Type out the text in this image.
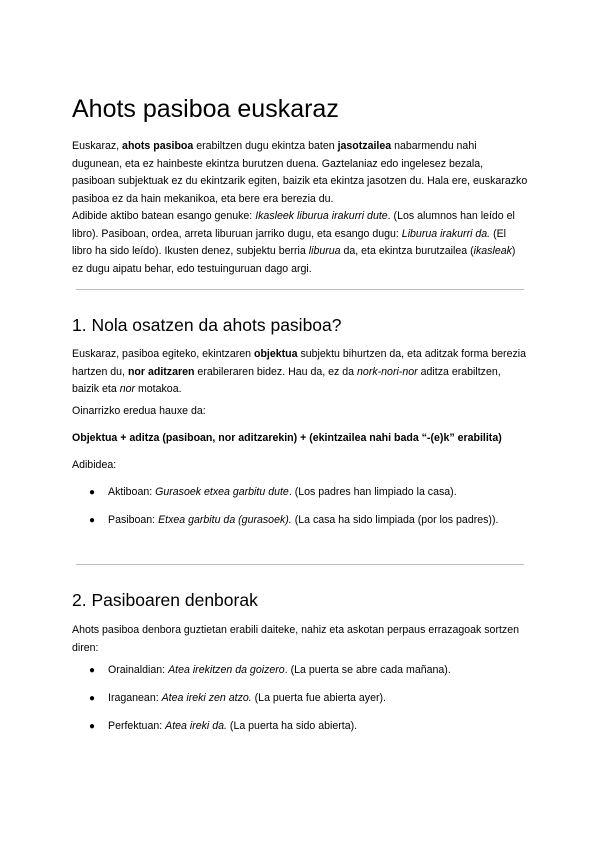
Ahots pasiboa euskaraz

Euskaraz, ahots pasiboa erabiltzen dugu ekintza baten jasotzailea nabarmendu nahi dugunean, eta ez hainbeste ekintza burutzen duena. Gaztelaniaz edo ingelesez bezala, pasiboan subjektuak ez du ekintzarik egiten, baizik eta ekintza jasotzen du. Hala ere, euskarazko pasiboa ez da hain mekanikoa, eta bere era berezia du.

Adibide aktibo batean esango genuke: Ikasleek liburua irakurri dute. (Los alumnos han leído el libro). Pasiboan, ordea, arreta liburuan jarriko dugu, eta esango dugu: Liburua irakurri da. (El libro ha sido leído). Ikusten denez, subjektu berria liburua da, eta ekintza burutzailea (ikasleak) ez dugu aipatu behar, edo testuinguruan dago argi.

1. Nola osatzen da ahots pasiboa?

Euskaraz, pasiboa egiteko, ekintzaren objektua subjektu bihurtzen da, eta aditzak forma berezia hartzen du, nor aditzaren erabileraren bidez. Hau da, ez da nork-nori-nor aditza erabiltzen, baizik eta nor motakoa.

Oinarrizko eredua hauxe da:

Objektua + aditza (pasiboan, nor aditzarekin) + (ekintzailea nahi bada “-(e)k” erabilita)

Adibidea:

● Aktiboan: Gurasoek etxea garbitu dute. (Los padres han limpiado la casa).
● Pasiboan: Etxea garbitu da (gurasoek). (La casa ha sido limpiada (por los padres)).
2. Pasiboaren denborak

Ahots pasiboa denbora guztietan erabili daiteke, nahiz eta askotan perpaus errazagoak sortzen diren:

● Orainaldian: Atea irekitzen da goizero. (La puerta se abre cada mañana).
● Iraganean: Atea ireki zen atzo. (La puerta fue abierta ayer).
● Perfektuan: Atea ireki da. (La puerta ha sido abierta).
